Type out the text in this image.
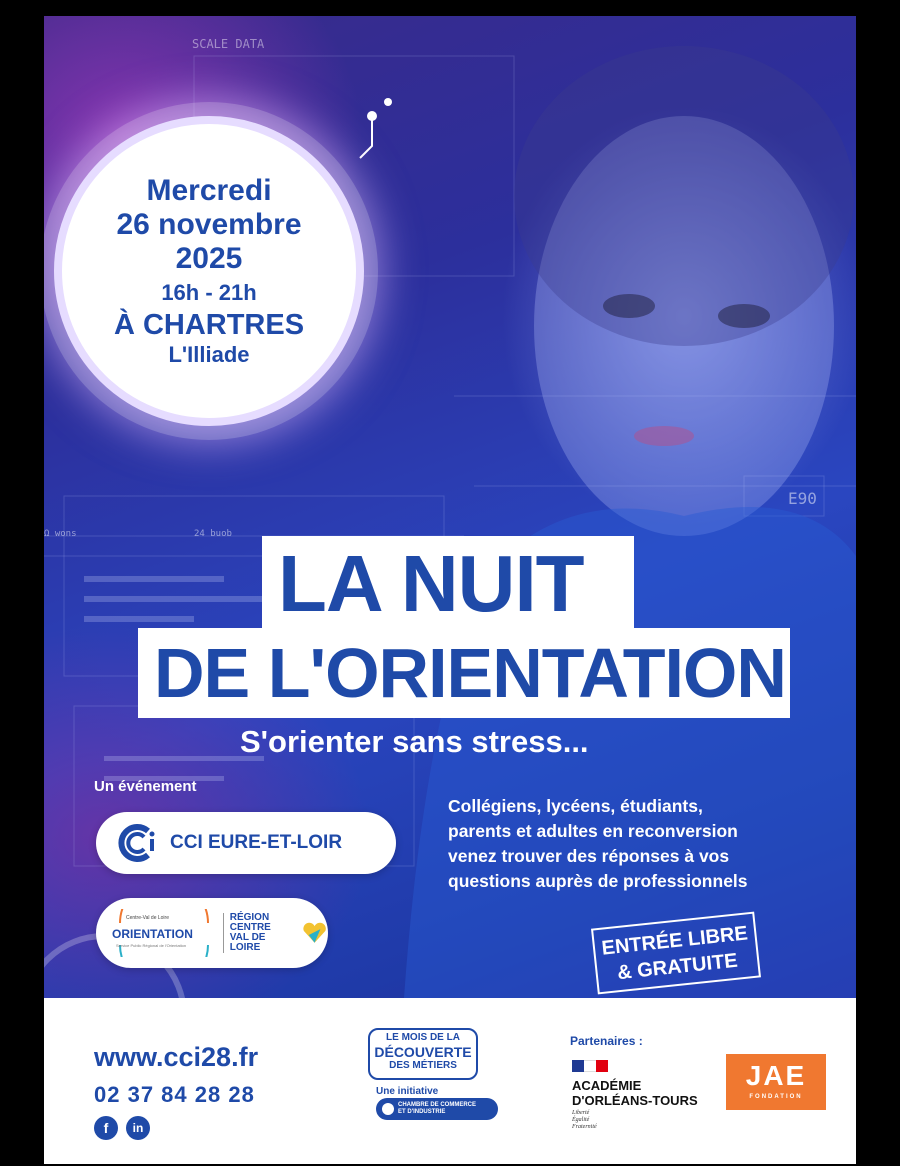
SCALE DATA
E90
Ω wons	24 buob
Mercredi
26 novembre
2025
16h - 21h
À CHARTRES
L'Illiade
LA NUIT
DE L'ORIENTATION
S'orienter sans stress...
Un événement
CCI EURE-ET-LOIR
Centre-Val de Loire
ORIENTATION
Service Public Régional de l'Orientation
RÉGION
CENTRE
VAL DE LOIRE
Collégiens, lycéens, étudiants,
parents et adultes en reconversion
venez trouver des réponses à vos
questions auprès de professionnels
ENTRÉE LIBRE
& GRATUITE
www.cci28.fr
02 37 84 28 28
f	in
LE MOIS DE LA
DÉCOUVERTE
DES MÉTIERS
Une initiative
CHAMBRE DE COMMERCE
ET D'INDUSTRIE
Partenaires :
ACADÉMIE
D'ORLÉANS-TOURS
Liberté
Égalité
Fraternité
JAE
FONDATION
